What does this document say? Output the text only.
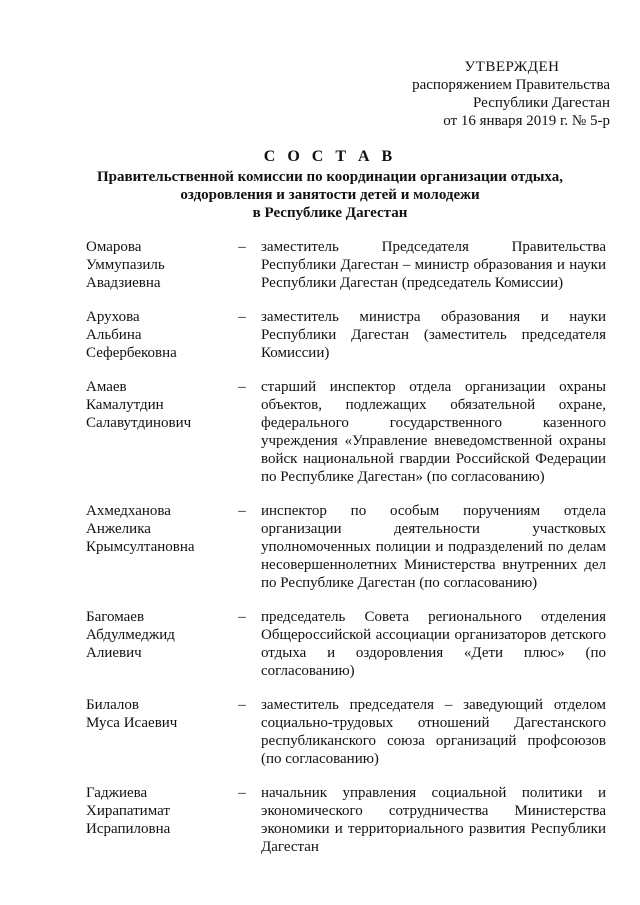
УТВЕРЖДЕН
распоряжением Правительства
Республики Дагестан
от 16 января 2019 г. № 5-р
С О С Т А В
Правительственной комиссии по координации организации отдыха,
оздоровления и занятости детей и молодежи
в Республике Дагестан
Омарова
Уммупазиль
Авадзиевна
–	заместитель Председателя Правительства Республики Дагестан – министр образования и науки Республики Дагестан (председатель Комиссии)
Арухова
Альбина
Сефербековна
–	заместитель министра образования и науки Республики Дагестан (заместитель председателя Комиссии)
Амаев
Камалутдин
Салавутдинович
–	старший инспектор отдела организации охраны объектов, подлежащих обязательной охране, федерального государственного казенного учреждения «Управление вневедомственной охраны войск национальной гвардии Российской Федерации по Республике Дагестан» (по согласованию)
Ахмедханова
Анжелика
Крымсултановна
–	инспектор по особым поручениям отдела организации деятельности участковых уполномоченных полиции и подразделений по делам несовершеннолетних Министерства внутренних дел по Республике Дагестан (по согласованию)
Багомаев
Абдулмеджид
Алиевич
–	председатель Совета регионального отделения Общероссийской ассоциации организаторов детского отдыха и оздоровления «Дети плюс» (по согласованию)
Билалов
Муса Исаевич
–	заместитель председателя – заведующий отделом социально-трудовых отношений Дагестанского республиканского союза организаций профсоюзов (по согласованию)
Гаджиева
Хирапатимат
Исрапиловна
–	начальник управления социальной политики и экономического сотрудничества Министерства экономики и территориального развития Республики Дагестан
